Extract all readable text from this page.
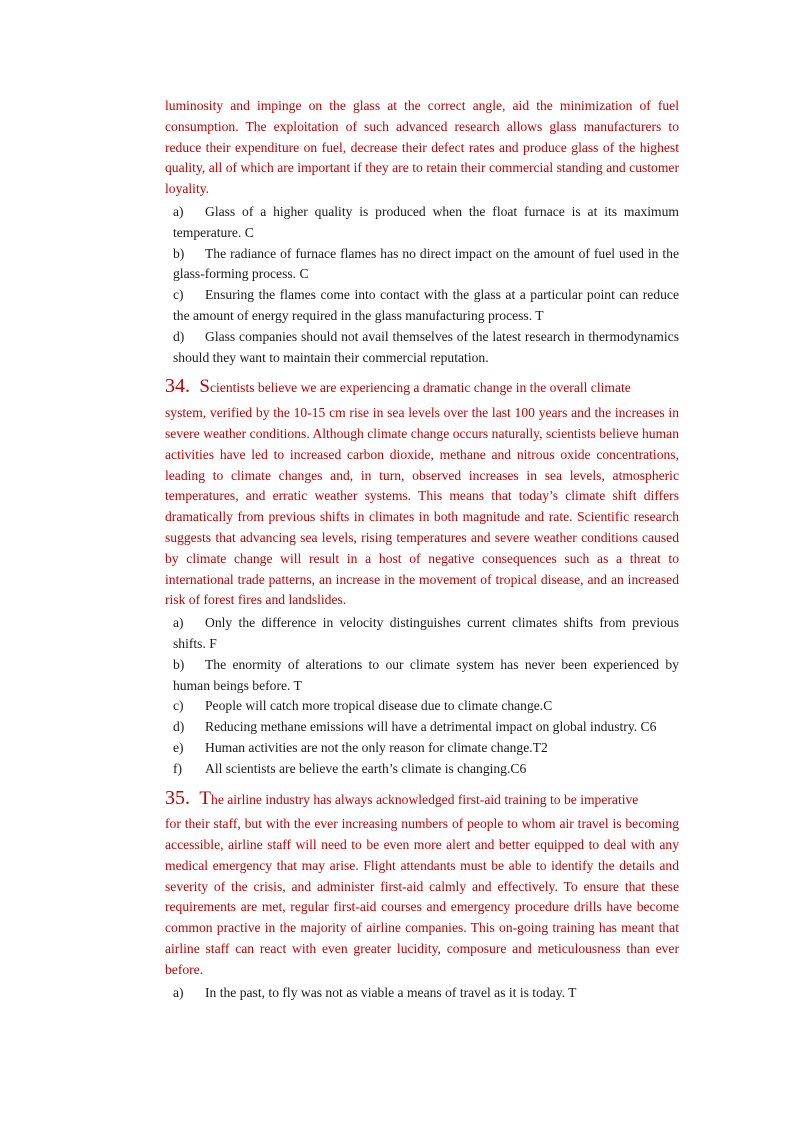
luminosity and impinge on the glass at the correct angle, aid the minimization of fuel consumption. The exploitation of such advanced research allows glass manufacturers to reduce their expenditure on fuel, decrease their defect rates and produce glass of the highest quality, all of which are important if they are to retain their commercial standing and customer loyality.

a) Glass of a higher quality is produced when the float furnace is at its maximum temperature. C

b) The radiance of furnace flames has no direct impact on the amount of fuel used in the glass-forming process. C

c) Ensuring the flames come into contact with the glass at a particular point can reduce the amount of energy required in the glass manufacturing process. T

d) Glass companies should not avail themselves of the latest research in thermodynamics should they want to maintain their commercial reputation.

34. Scientists believe we are experiencing a dramatic change in the overall climate

system, verified by the 10-15 cm rise in sea levels over the last 100 years and the increases in severe weather conditions. Although climate change occurs naturally, scientists believe human activities have led to increased carbon dioxide, methane and nitrous oxide concentrations, leading to climate changes and, in turn, observed increases in sea levels, atmospheric temperatures, and erratic weather systems. This means that today’s climate shift differs dramatically from previous shifts in climates in both magnitude and rate. Scientific research suggests that advancing sea levels, rising temperatures and severe weather conditions caused by climate change will result in a host of negative consequences such as a threat to international trade patterns, an increase in the movement of tropical disease, and an increased risk of forest fires and landslides.

a) Only the difference in velocity distinguishes current climates shifts from previous shifts. F

b) The enormity of alterations to our climate system has never been experienced by human beings before. T

c) People will catch more tropical disease due to climate change.C

d) Reducing methane emissions will have a detrimental impact on global industry. C6

e) Human activities are not the only reason for climate change.T2

f) All scientists are believe the earth’s climate is changing.C6

35. The airline industry has always acknowledged first-aid training to be imperative

for their staff, but with the ever increasing numbers of people to whom air travel is becoming accessible, airline staff will need to be even more alert and better equipped to deal with any medical emergency that may arise. Flight attendants must be able to identify the details and severity of the crisis, and administer first-aid calmly and effectively. To ensure that these requirements are met, regular first-aid courses and emergency procedure drills have become common practive in the majority of airline companies. This on-going training has meant that airline staff can react with even greater lucidity, composure and meticulousness than ever before.

a) In the past, to fly was not as viable a means of travel as it is today. T
